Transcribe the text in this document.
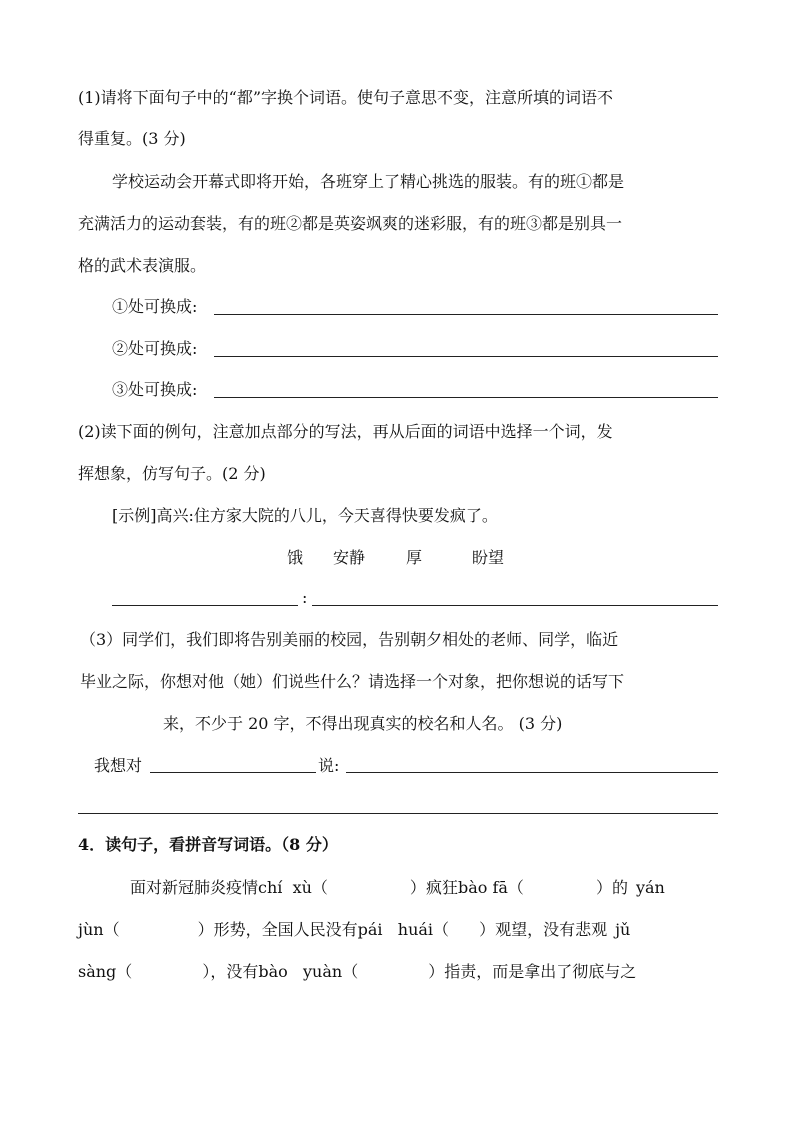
(1)请将下面句子中的“都”字换个词语。使句子意思不变，注意所填的词语不
得重复。(3 分)
学校运动会开幕式即将开始，各班穿上了精心挑选的服装。有的班①都是
充满活力的运动套装，有的班②都是英姿飒爽的迷彩服，有的班③都是别具一
格的武术表演服。
①处可换成:
②处可换成:
③处可换成:
(2)读下面的例句，注意加点部分的写法，再从后面的词语中选择一个词，发
挥想象，仿写句子。(2 分)
[示例]高兴:住方家大院的八儿，今天喜得快要发疯了。
饿 安静	厚	盼望
:
（3）同学们，我们即将告别美丽的校园，告别朝夕相处的老师、同学，临近
毕业之际，你想对他（她）们说些什么？请选择一个对象，把你想说的话写下
来，不少于 20 字，不得出现真实的校名和人名。 (3 分)
我想对	说:
4．读句子，看拼音写词语。（8 分）
面对新冠肺炎疫情chí  xù（	）疯狂bào fā（	）的 yán
jùn（	）形势，全国人民没有pái   huái（ ）观望，没有悲观 jǔ
sàng（	），没有bào   yuàn（	）指责，而是拿出了彻底与之
